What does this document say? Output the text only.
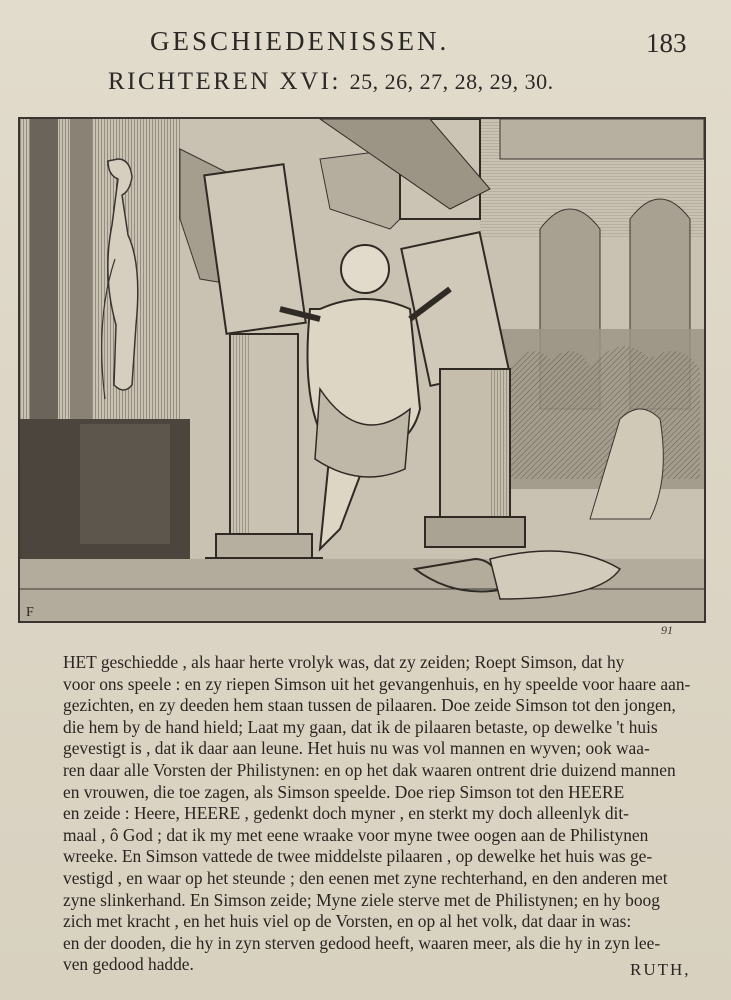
GESCHIEDENISSEN.	183
RICHTEREN XVI: 25, 26, 27, 28, 29, 30.
F
91
HET geschiedde , als haar herte vrolyk was, dat zy zeiden; Roept Simson, dat hy
voor ons speele : en zy riepen Simson uit het gevangenhuis, en hy speelde voor haare aan-
gezichten, en zy deeden hem staan tussen de pilaaren. Doe zeide Simson tot den jongen,
die hem by de hand hield; Laat my gaan, dat ik de pilaaren betaste, op dewelke 't huis
gevestigt is , dat ik daar aan leune. Het huis nu was vol mannen en wyven; ook waa-
ren daar alle Vorsten der Philistynen: en op het dak waaren ontrent drie duizend mannen
en vrouwen, die toe zagen, als Simson speelde. Doe riep Simson tot den HEERE
en zeide : Heere, HEERE , gedenkt doch myner , en sterkt my doch alleenlyk dit-
maal , ô God ; dat ik my met eene wraake voor myne twee oogen aan de Philistynen
wreeke. En Simson vattede de twee middelste pilaaren , op dewelke het huis was ge-
vestigd , en waar op het steunde ; den eenen met zyne rechterhand, en den anderen met
zyne slinkerhand. En Simson zeide; Myne ziele sterve met de Philistynen; en hy boog
zich met kracht , en het huis viel op de Vorsten, en op al het volk, dat daar in was:
en der dooden, die hy in zyn sterven gedood heeft, waaren meer, als die hy in zyn lee-
ven gedood hadde.	RUTH,
